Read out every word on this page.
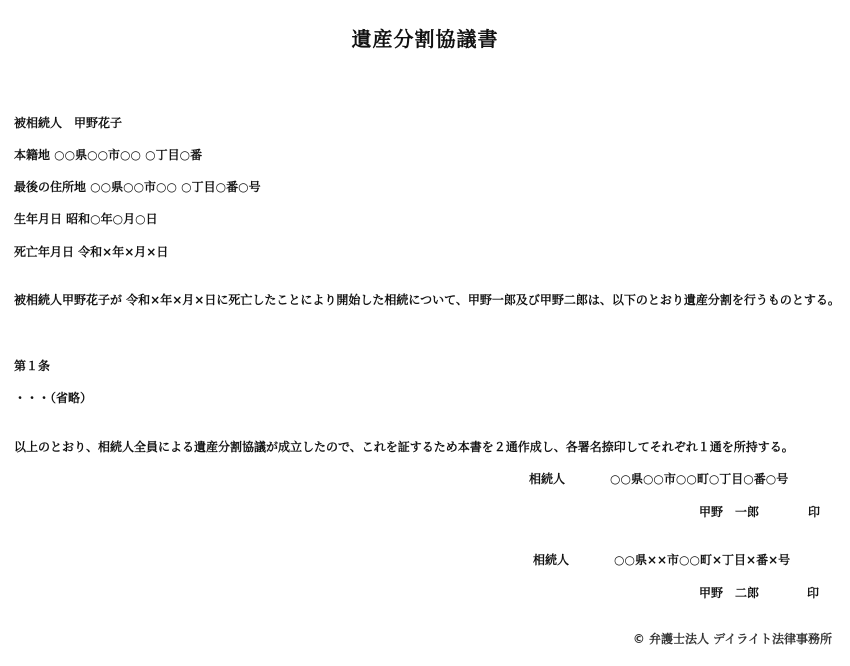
遺産分割協議書
被相続人　甲野花子
本籍地 ○○県○○市○○ ○丁目○番
最後の住所地 ○○県○○市○○ ○丁目○番○号
生年月日 昭和○年○月○日
死亡年月日 令和×年×月×日
被相続人甲野花子が 令和×年×月×日に死亡したことにより開始した相続について、甲野一郎及び甲野二郎は、以下のとおり遺産分割を行うものとする。
第１条
・・・（省略）
以上のとおり、相続人全員による遺産分割協議が成立したので、これを証するため本書を２通作成し、各署名捺印してそれぞれ１通を所持する。
相続人	○○県○○市○○町○丁目○番○号
甲野　一郎	印
相続人	○○県××市○○町×丁目×番×号
甲野　二郎	印
© 弁護士法人 デイライト法律事務所
